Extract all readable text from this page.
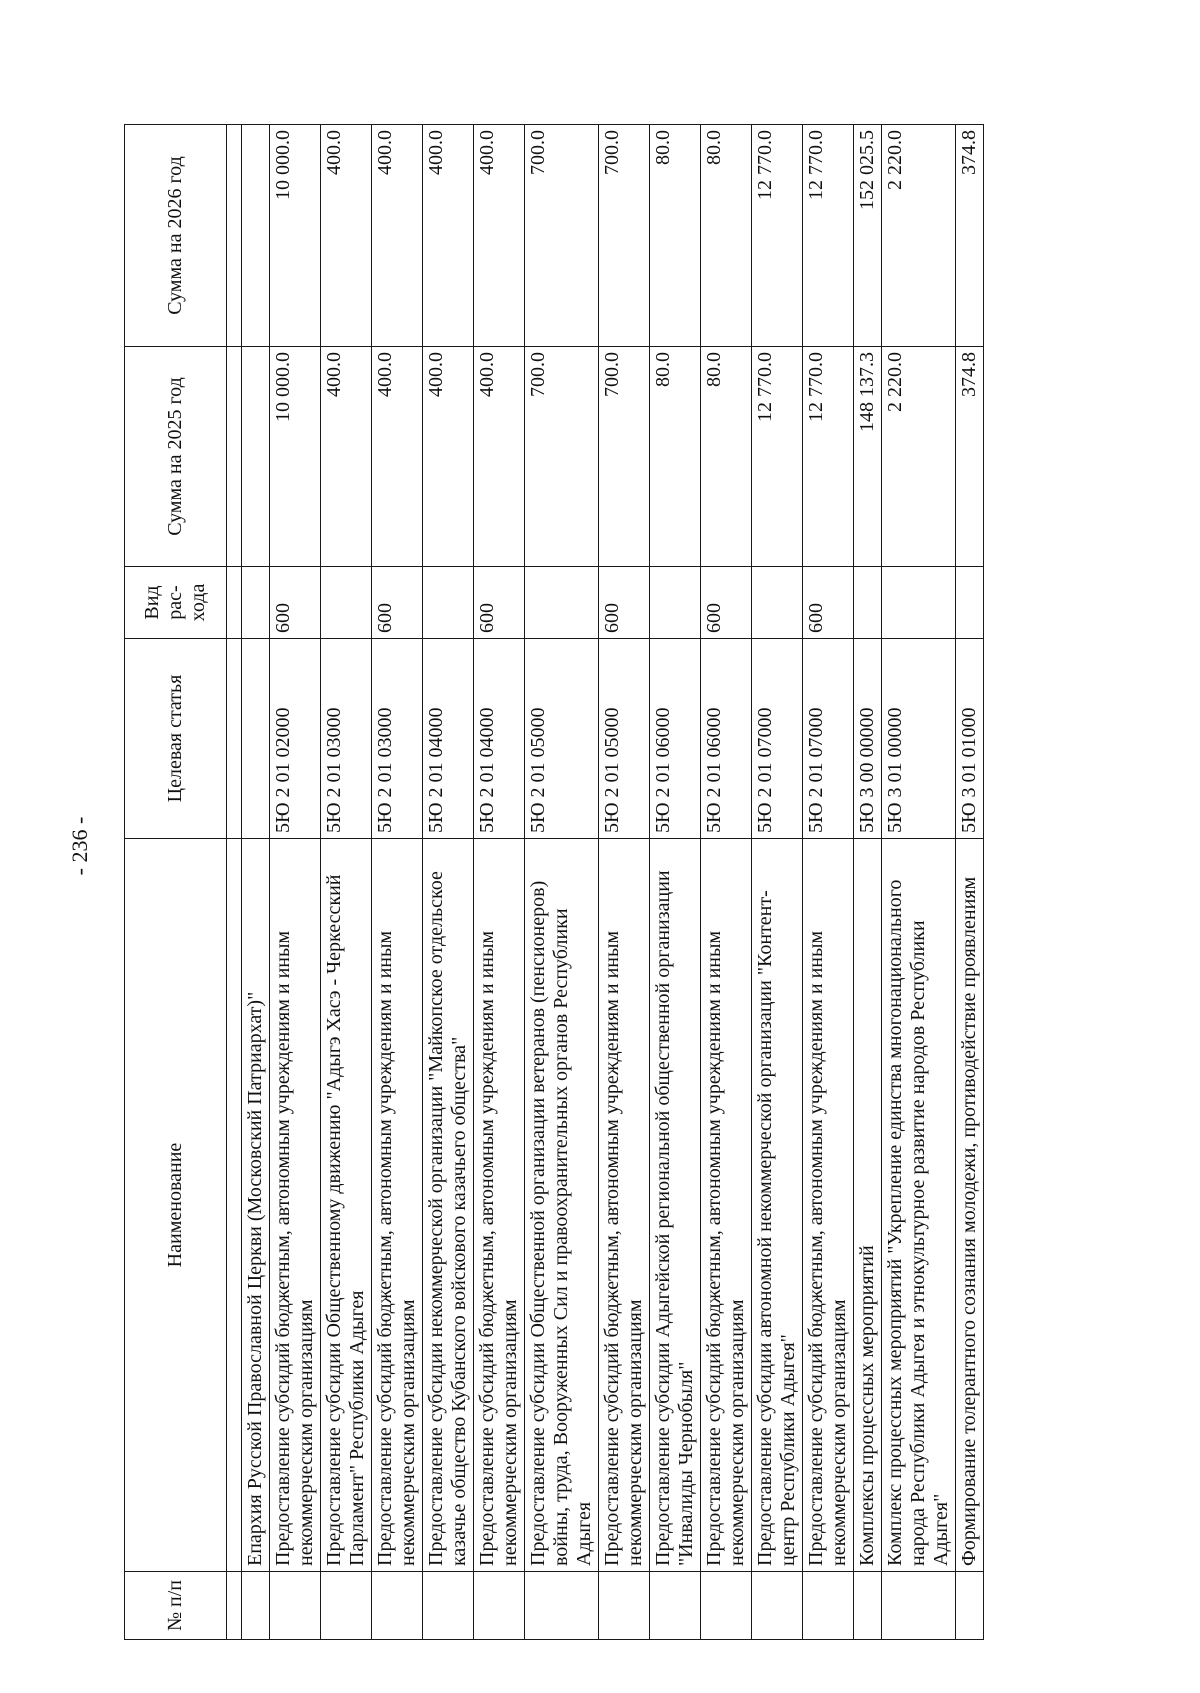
- 236 -
№ п/п	Наименование	Целевая статья	Вид рас-хода	Сумма на 2025 год	Сумма на 2026 год

	Епархия Русской Православной Церкви (Московский Патриархат)"				
	Предоставление субсидий бюджетным, автономным учреждениям и иным некоммерческим организациям	5Ю 2 01 02000	600	10 000.0	10 000.0
	Предоставление субсидии Общественному движению "Адыгэ Хасэ - Черкесский Парламент" Республики Адыгея	5Ю 2 01 03000		400.0	400.0
	Предоставление субсидий бюджетным, автономным учреждениям и иным некоммерческим организациям	5Ю 2 01 03000	600	400.0	400.0
	Предоставление субсидии некоммерческой организации "Майкопское отдельское казачье общество Кубанского войскового казачьего общества"	5Ю 2 01 04000		400.0	400.0
	Предоставление субсидий бюджетным, автономным учреждениям и иным некоммерческим организациям	5Ю 2 01 04000	600	400.0	400.0
	Предоставление субсидии Общественной организации ветеранов (пенсионеров) войны, труда, Вооруженных Сил и правоохранительных органов Республики Адыгея	5Ю 2 01 05000		700.0	700.0
	Предоставление субсидий бюджетным, автономным учреждениям и иным некоммерческим организациям	5Ю 2 01 05000	600	700.0	700.0
	Предоставление субсидии Адыгейской региональной общественной организации "Инвалиды Чернобыля"	5Ю 2 01 06000		80.0	80.0
	Предоставление субсидий бюджетным, автономным учреждениям и иным некоммерческим организациям	5Ю 2 01 06000	600	80.0	80.0
	Предоставление субсидии автономной некоммерческой организации "Контент-центр Республики Адыгея"	5Ю 2 01 07000		12 770.0	12 770.0
	Предоставление субсидий бюджетным, автономным учреждениям и иным некоммерческим организациям	5Ю 2 01 07000	600	12 770.0	12 770.0
	Комплексы процессных мероприятий	5Ю 3 00 00000		148 137.3	152 025.5
	Комплекс процессных мероприятий "Укрепление единства многонационального народа Республики Адыгея и этнокультурное развитие народов Республики Адыгея"	5Ю 3 01 00000		2 220.0	2 220.0
	Формирование толерантного сознания молодежи, противодействие проявлениям	5Ю 3 01 01000		374.8	374.8
